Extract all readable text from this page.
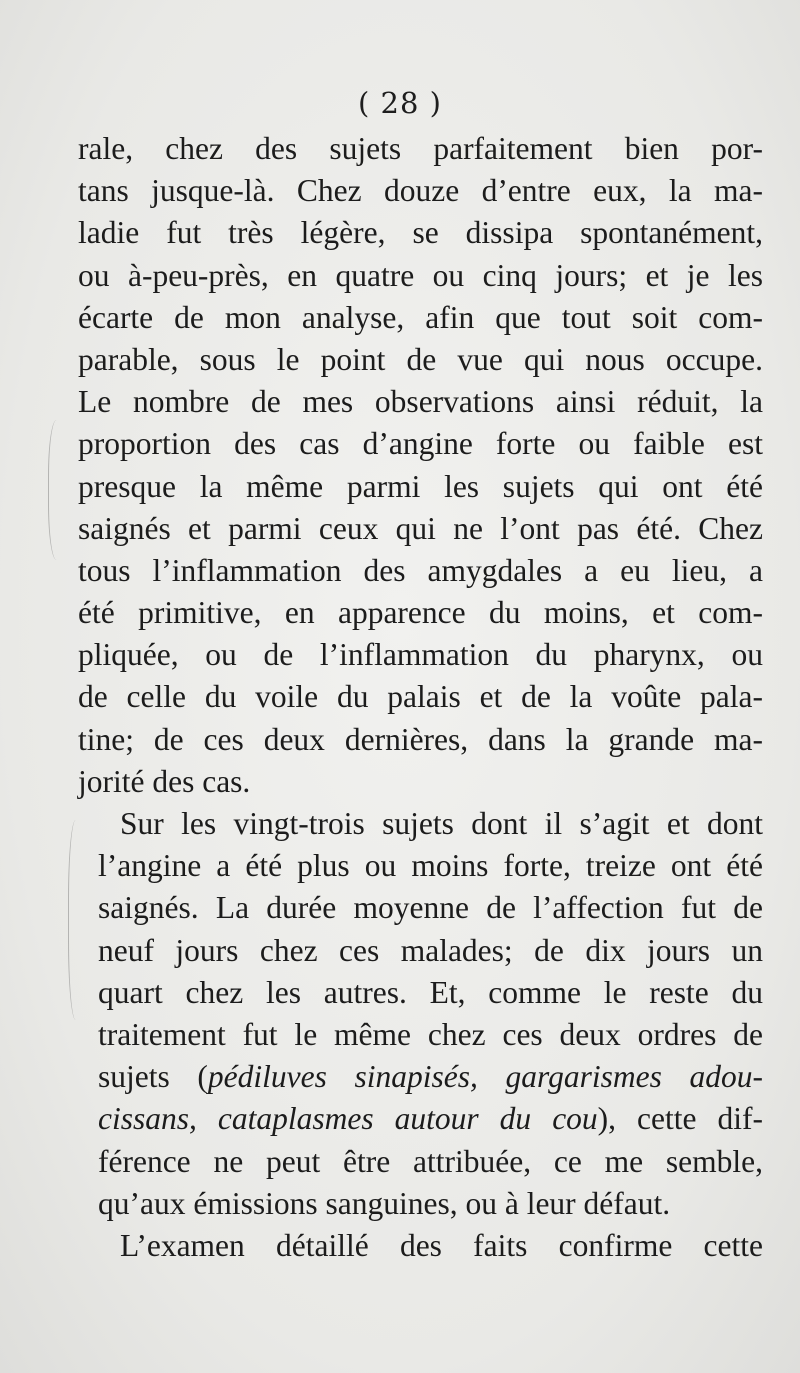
( 28 )
rale, chez des sujets parfaitement bien por-
tans jusque-là. Chez douze d’entre eux, la ma-
ladie fut très légère, se dissipa spontanément,
ou à-peu-près, en quatre ou cinq jours; et je les
écarte de mon analyse, afin que tout soit com-
parable, sous le point de vue qui nous occupe.
Le nombre de mes observations ainsi réduit, la
proportion des cas d’angine forte ou faible est
presque la même parmi les sujets qui ont été
saignés et parmi ceux qui ne l’ont pas été. Chez
tous l’inflammation des amygdales a eu lieu, a
été primitive, en apparence du moins, et com-
pliquée, ou de l’inflammation du pharynx, ou
de celle du voile du palais et de la voûte pala-
tine; de ces deux dernières, dans la grande ma-
jorité des cas.
Sur les vingt-trois sujets dont il s’agit et dont
l’angine a été plus ou moins forte, treize ont été
saignés. La durée moyenne de l’affection fut de
neuf jours chez ces malades; de dix jours un
quart chez les autres. Et, comme le reste du
traitement fut le même chez ces deux ordres de
sujets (pédiluves sinapisés, gargarismes adou-
cissans, cataplasmes autour du cou), cette dif-
férence ne peut être attribuée, ce me semble,
qu’aux émissions sanguines, ou à leur défaut.
L’examen détaillé des faits confirme cette
